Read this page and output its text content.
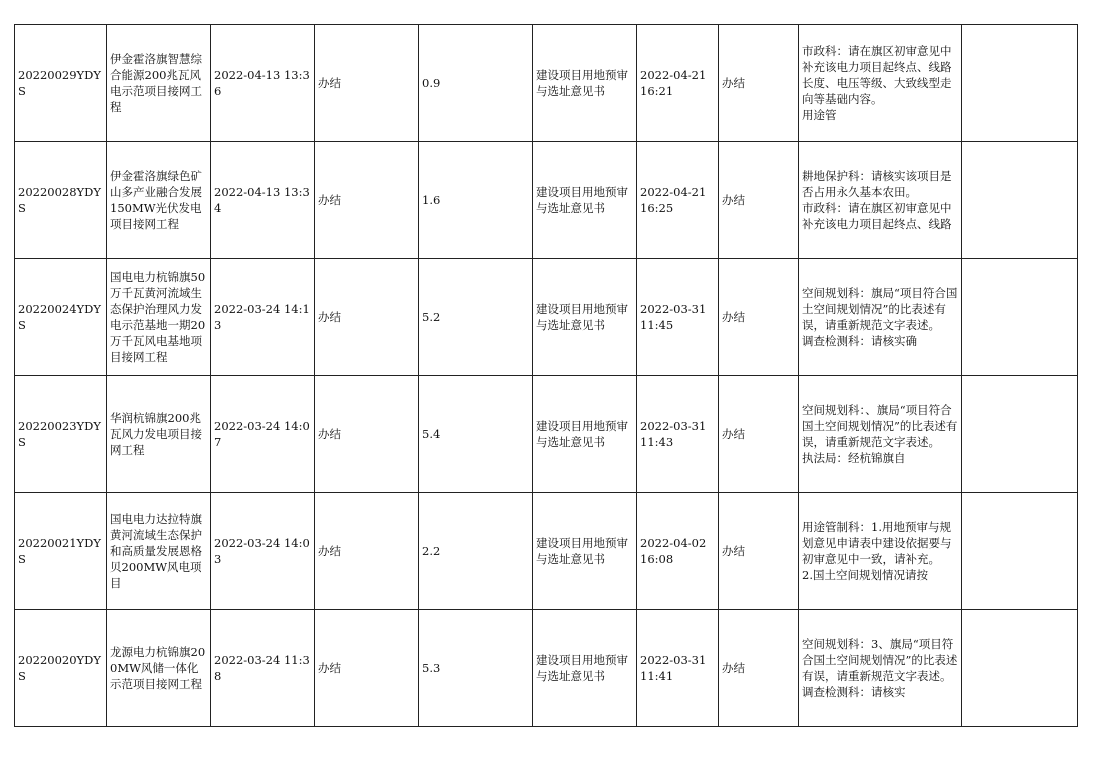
20220029YDYS	伊金霍洛旗智慧综合能源200兆瓦风电示范项目接网工程	2022-04-13 13:36	办结	0.9	建设项目用地预审与选址意见书	2022-04-21 16:21	办结	市政科：请在旗区初审意见中补充该电力项目起终点、线路长度、电压等级、大致线型走向等基础内容。
用途管	
20220028YDYS	伊金霍洛旗绿色矿山多产业融合发展150MW光伏发电项目接网工程	2022-04-13 13:34	办结	1.6	建设项目用地预审与选址意见书	2022-04-21 16:25	办结	耕地保护科：请核实该项目是否占用永久基本农田。
市政科：请在旗区初审意见中补充该电力项目起终点、线路	
20220024YDYS	国电电力杭锦旗50万千瓦黄河流域生态保护治理风力发电示范基地一期20万千瓦风电基地项目接网工程	2022-03-24 14:13	办结	5.2	建设项目用地预审与选址意见书	2022-03-31 11:45	办结	空间规划科：旗局“项目符合国土空间规划情况”的比表述有误，请重新规范文字表述。
调查检测科：请核实确	
20220023YDYS	华润杭锦旗200兆瓦风力发电项目接网工程	2022-03-24 14:07	办结	5.4	建设项目用地预审与选址意见书	2022-03-31 11:43	办结	空间规划科：、旗局“项目符合国土空间规划情况”的比表述有误，请重新规范文字表述。
执法局：经杭锦旗自	
20220021YDYS	国电电力达拉特旗黄河流域生态保护和高质量发展恩格贝200MW风电项目	2022-03-24 14:03	办结	2.2	建设项目用地预审与选址意见书	2022-04-02 16:08	办结	用途管制科：1.用地预审与规划意见申请表中建设依据要与初审意见中一致，请补充。
2.国土空间规划情况请按	
20220020YDYS	龙源电力杭锦旗200MW风储一体化示范项目接网工程	2022-03-24 11:38	办结	5.3	建设项目用地预审与选址意见书	2022-03-31 11:41	办结	空间规划科：3、旗局“项目符合国土空间规划情况”的比表述有误，请重新规范文字表述。
调查检测科：请核实	
